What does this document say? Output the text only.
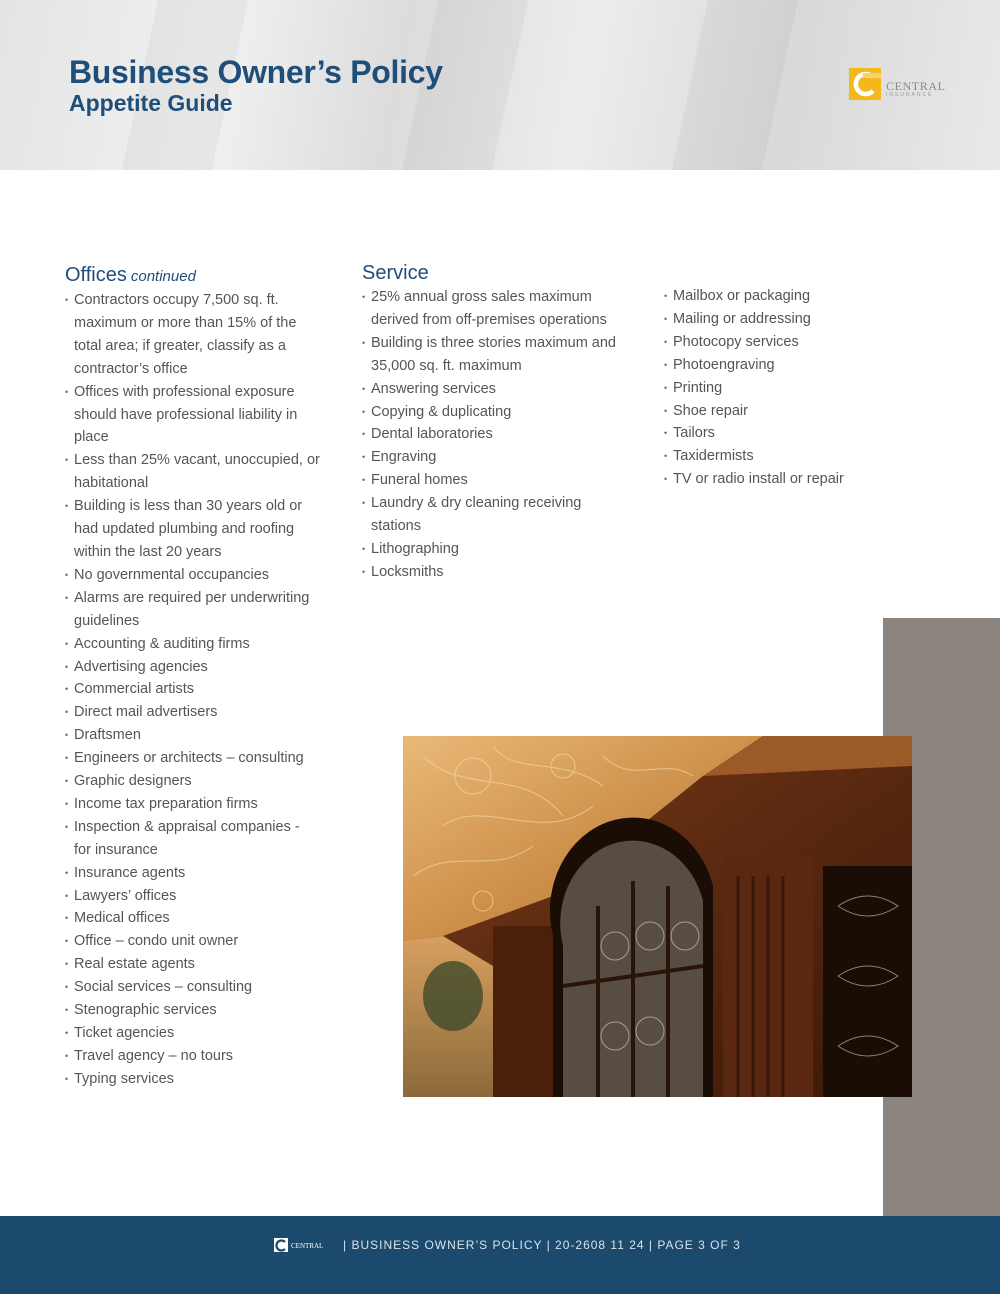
Business Owner’s Policy
Appetite Guide
CENTRAL
INSURANCE
Offices continued
• Contractors occupy 7,500 sq. ft. maximum or more than 15% of the total area; if greater, classify as a contractor’s office
• Offices with professional exposure should have professional liability in place
• Less than 25% vacant, unoccupied, or habitational
• Building is less than 30 years old or had updated plumbing and roofing within the last 20 years
• No governmental occupancies
• Alarms are required per underwriting guidelines
• Accounting & auditing firms
• Advertising agencies
• Commercial artists
• Direct mail advertisers
• Draftsmen
• Engineers or architects – consulting
• Graphic designers
• Income tax preparation firms
• Inspection & appraisal companies - for insurance
• Insurance agents
• Lawyers’ offices
• Medical offices
• Office – condo unit owner
• Real estate agents
• Social services – consulting
• Stenographic services
• Ticket agencies
• Travel agency – no tours
• Typing services
Service
• 25% annual gross sales maximum derived from off-premises operations
• Building is three stories maximum and 35,000 sq. ft. maximum
• Answering services
• Copying & duplicating
• Dental laboratories
• Engraving
• Funeral homes
• Laundry & dry cleaning receiving stations
• Lithographing
• Locksmiths
• Mailbox or packaging
• Mailing or addressing
• Photocopy services
• Photoengraving
• Printing
• Shoe repair
• Tailors
• Taxidermists
• TV or radio install or repair
CENTRAL | BUSINESS OWNER’S POLICY | 20-2608 11 24 | PAGE 3 OF 3
